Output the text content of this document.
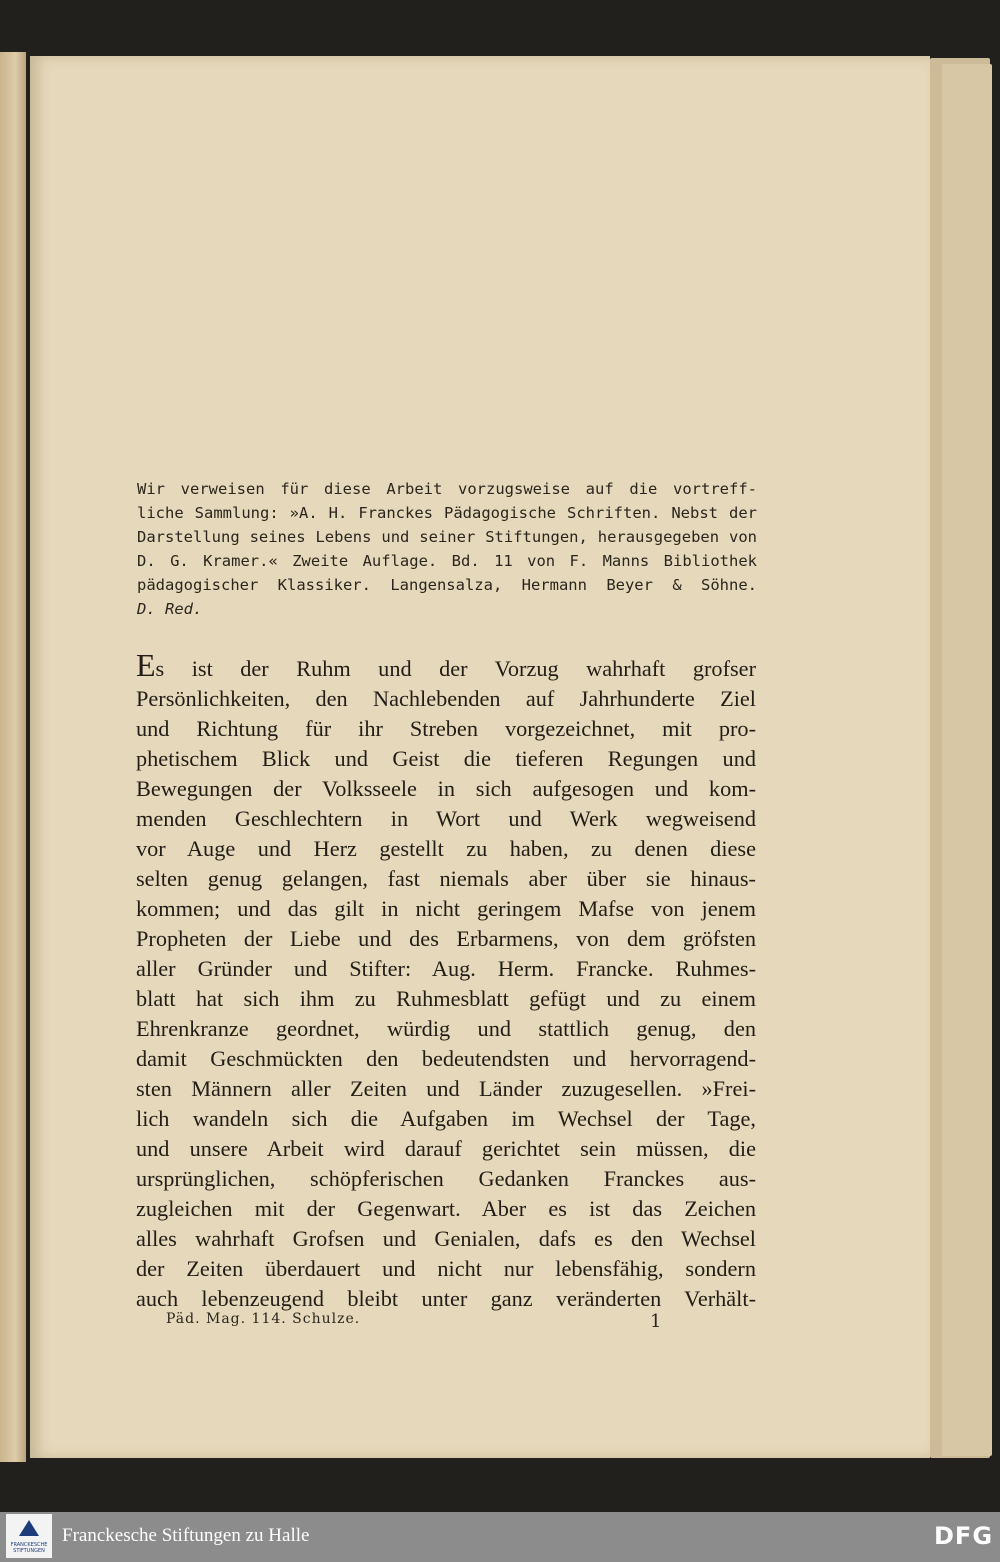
Wir verweisen für diese Arbeit vorzugsweise auf die vortreff-
liche Sammlung: »A. H. Franckes Pädagogische Schriften. Nebst der
Darstellung seines Lebens und seiner Stiftungen, herausgegeben von
D. G. Kramer.« Zweite Auflage. Bd. 11 von F. Manns Bibliothek
pädagogischer Klassiker. Langensalza, Hermann Beyer & Söhne.
D. Red.
Es ist der Ruhm und der Vorzug wahrhaft grofser
Persönlichkeiten, den Nachlebenden auf Jahrhunderte Ziel
und Richtung für ihr Streben vorgezeichnet, mit pro-
phetischem Blick und Geist die tieferen Regungen und
Bewegungen der Volksseele in sich aufgesogen und kom-
menden Geschlechtern in Wort und Werk wegweisend
vor Auge und Herz gestellt zu haben, zu denen diese
selten genug gelangen, fast niemals aber über sie hinaus-
kommen; und das gilt in nicht geringem Mafse von jenem
Propheten der Liebe und des Erbarmens, von dem gröfsten
aller Gründer und Stifter: Aug. Herm. Francke. Ruhmes-
blatt hat sich ihm zu Ruhmesblatt gefügt und zu einem
Ehrenkranze geordnet, würdig und stattlich genug, den
damit Geschmückten den bedeutendsten und hervorragend-
sten Männern aller Zeiten und Länder zuzugesellen. »Frei-
lich wandeln sich die Aufgaben im Wechsel der Tage,
und unsere Arbeit wird darauf gerichtet sein müssen, die
ursprünglichen, schöpferischen Gedanken Franckes aus-
zugleichen mit der Gegenwart. Aber es ist das Zeichen
alles wahrhaft Grofsen und Genialen, dafs es den Wechsel
der Zeiten überdauert und nicht nur lebensfähig, sondern
auch lebenzeugend bleibt unter ganz veränderten Verhält-
Päd. Mag. 114. Schulze.	1
FRANCKESCHE STIFTUNGEN
Franckesche Stiftungen zu Halle	DFG
